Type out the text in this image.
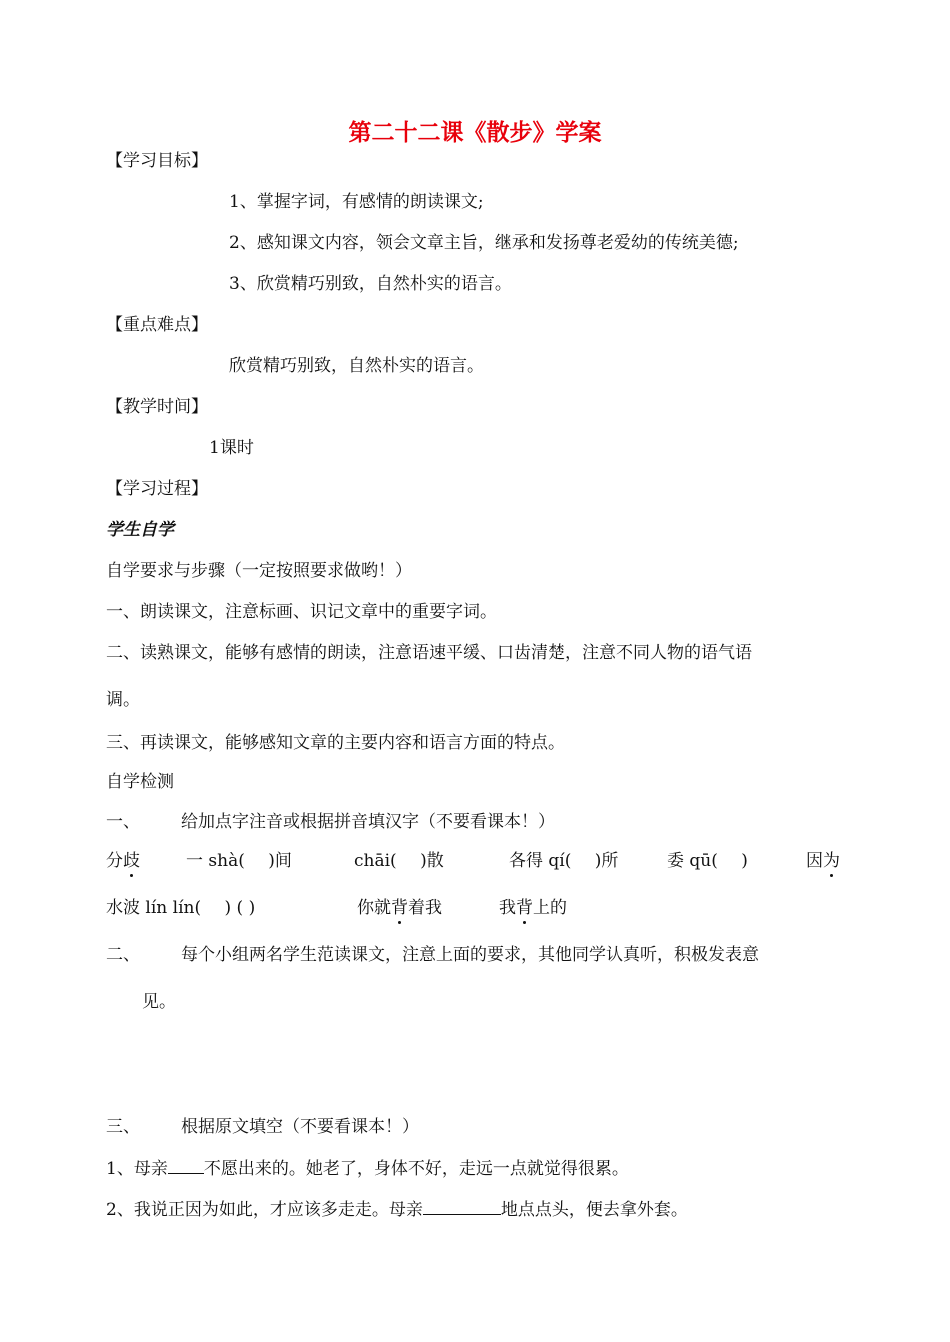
第二十二课《散步》学案
【学习目标】
1、掌握字词，有感情的朗读课文;
2、感知课文内容，领会文章主旨，继承和发扬尊老爱幼的传统美德;
3、欣赏精巧别致，自然朴实的语言。
【重点难点】
欣赏精巧别致，自然朴实的语言。
【教学时间】
1课时
【学习过程】
学生自学
自学要求与步骤（一定按照要求做哟！）
一、朗读课文，注意标画、识记文章中的重要字词。
二、读熟课文，能够有感情的朗读，注意语速平缓、口齿清楚，注意不同人物的语气语
调。
三、再读课文，能够感知文章的主要内容和语言方面的特点。
自学检测
一、 给加点字注音或根据拼音填汉字（不要看课本！）
分歧	一 shà( )间	chāi( )散	各得 qí( )所	委 qū( )	因为
水波 lín lín( ) ( )	你就背着我	我背上的
二、 每个小组两名学生范读课文，注意上面的要求，其他同学认真听，积极发表意
见。
三、 根据原文填空（不要看课本！）
1、母亲 不愿出来的。她老了，身体不好，走远一点就觉得很累。
2、我说正因为如此，才应该多走走。母亲	地点点头，便去拿外套。
